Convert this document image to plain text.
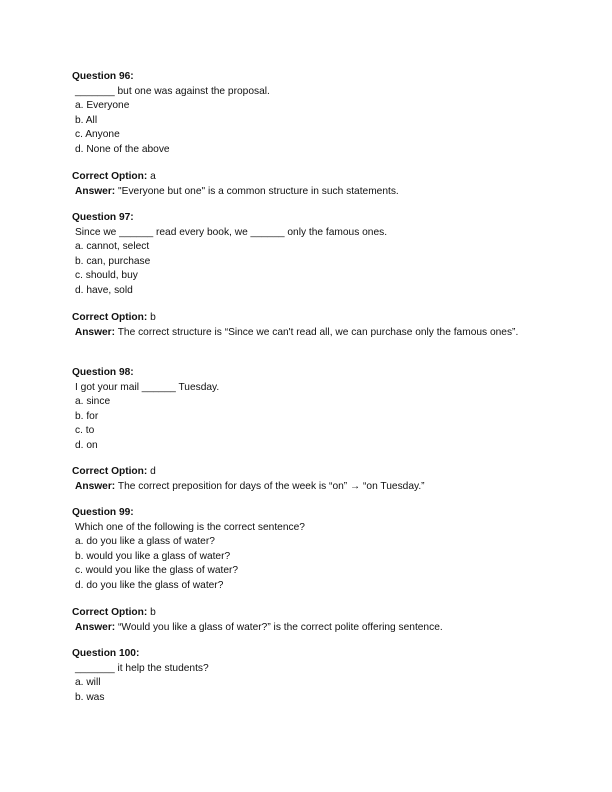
Question 96:
_______ but one was against the proposal.
a. Everyone
b. All
c. Anyone
d. None of the above
Correct Option: a
Answer: "Everyone but one" is a common structure in such statements.
Question 97:
Since we ______ read every book, we ______ only the famous ones.
a. cannot, select
b. can, purchase
c. should, buy
d. have, sold
Correct Option: b
Answer: The correct structure is “Since we can't read all, we can purchase only the famous ones”.
Question 98:
I got your mail ______ Tuesday.
a. since
b. for
c. to
d. on
Correct Option: d
Answer: The correct preposition for days of the week is “on” → “on Tuesday.”
Question 99:
Which one of the following is the correct sentence?
a. do you like a glass of water?
b. would you like a glass of water?
c. would you like the glass of water?
d. do you like the glass of water?
Correct Option: b
Answer: “Would you like a glass of water?” is the correct polite offering sentence.
Question 100:
_______ it help the students?
a. will
b. was
